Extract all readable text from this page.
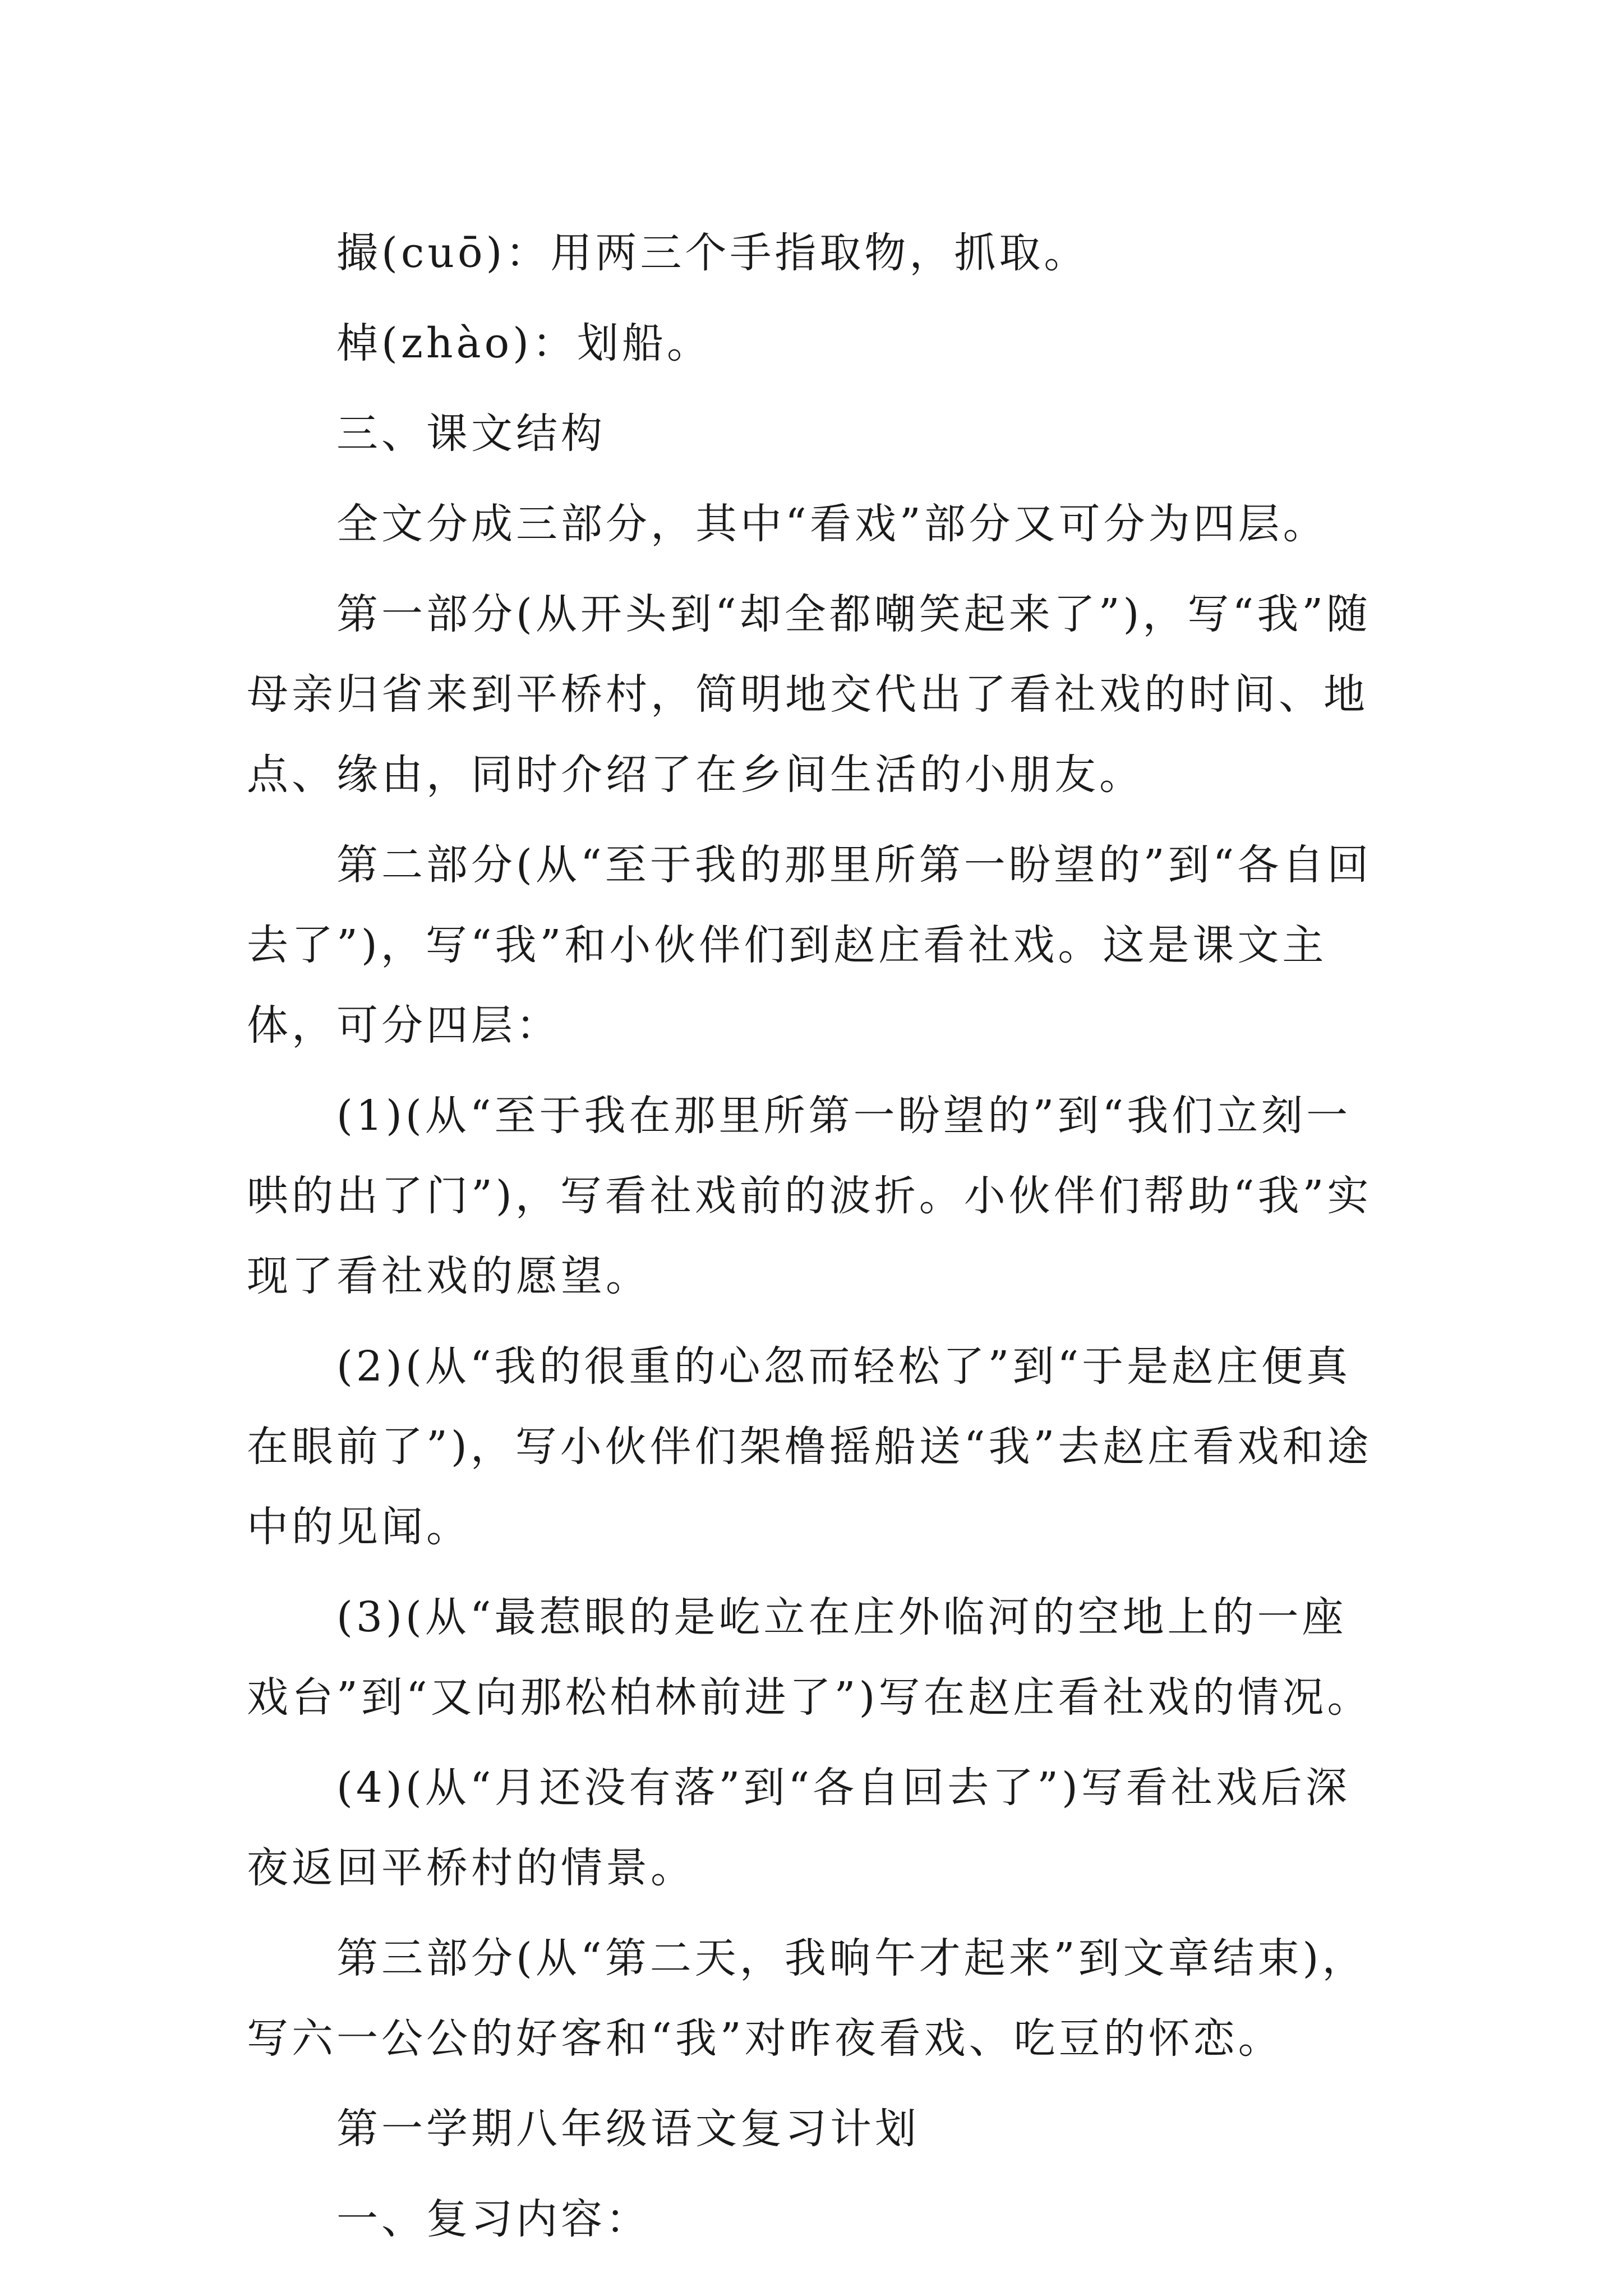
撮(cuō)：用两三个手指取物，抓取。

棹(zhào)：划船。

三、课文结构

全文分成三部分，其中“看戏”部分又可分为四层。

第一部分(从开头到“却全都嘲笑起来了”)，写“我”随母亲归省来到平桥村，简明地交代出了看社戏的时间、地点、缘由，同时介绍了在乡间生活的小朋友。

第二部分(从“至于我的那里所第一盼望的”到“各自回去了”)，写“我”和小伙伴们到赵庄看社戏。这是课文主体，可分四层：

(1)(从“至于我在那里所第一盼望的”到“我们立刻一哄的出了门”)，写看社戏前的波折。小伙伴们帮助“我”实现了看社戏的愿望。

(2)(从“我的很重的心忽而轻松了”到“于是赵庄便真在眼前了”)，写小伙伴们架橹摇船送“我”去赵庄看戏和途中的见闻。

(3)(从“最惹眼的是屹立在庄外临河的空地上的一座戏台”到“又向那松柏林前进了”)写在赵庄看社戏的情况。

(4)(从“月还没有落”到“各自回去了”)写看社戏后深夜返回平桥村的情景。

第三部分(从“第二天，我晌午才起来”到文章结束)，写六一公公的好客和“我”对昨夜看戏、吃豆的怀恋。

第一学期八年级语文复习计划

一、复习内容：
